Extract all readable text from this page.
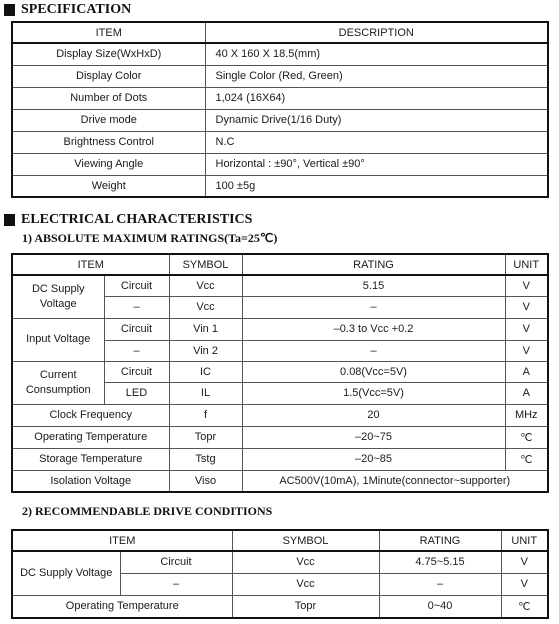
SPECIFICATION
ITEM	DESCRIPTION
Display Size(WxHxD)	40 X 160 X 18.5(mm)
Display Color	Single Color (Red, Green)
Number of Dots	1,024 (16X64)
Drive mode	Dynamic Drive(1/16 Duty)
Brightness Control	N.C
Viewing Angle	Horizontal : ±90°, Vertical ±90°
Weight	100 ±5g
ELECTRICAL CHARACTERISTICS
1) ABSOLUTE MAXIMUM RATINGS(Ta=25℃)
ITEM		SYMBOL	RATING	UNIT
DC Supply Voltage	Circuit	Vcc	5.15	V
	–	Vcc	–	V
Input Voltage	Circuit	Vin 1	–0.3 to Vcc +0.2	V
	–	Vin 2	–	V
Current Consumption	Circuit	IC	0.08(Vcc=5V)	A
	LED	IL	1.5(Vcc=5V)	A
Clock Frequency		f	20	MHz
Operating Temperature		Topr	–20~75	℃
Storage Temperature		Tstg	–20~85	℃
Isolation Voltage		Viso	AC500V(10mA), 1Minute(connector~supporter)	
2) RECOMMENDABLE DRIVE CONDITIONS
ITEM		SYMBOL	RATING	UNIT
DC Supply Voltage	Circuit	Vcc	4.75~5.15	V
	–	Vcc	–	V
Operating Temperature		Topr	0~40	℃
